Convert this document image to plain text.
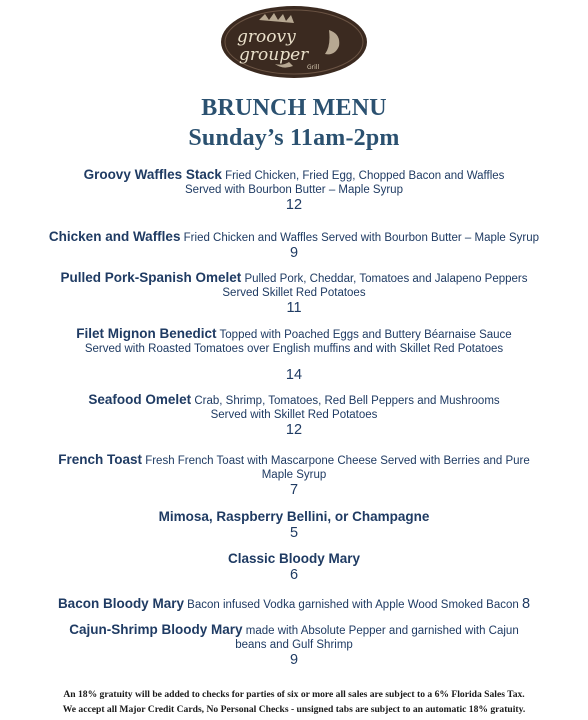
groovy
grouper
Grill
BRUNCH MENU
Sunday’s 11am-2pm
Groovy Waffles Stack Fried Chicken, Fried Egg, Chopped Bacon and Waffles
Served with Bourbon Butter – Maple Syrup
12
Chicken and Waffles Fried Chicken and Waffles Served with Bourbon Butter – Maple Syrup
9
Pulled Pork-Spanish Omelet Pulled Pork, Cheddar, Tomatoes and Jalapeno Peppers
Served Skillet Red Potatoes
11
Filet Mignon Benedict Topped with Poached Eggs and Buttery Béarnaise Sauce
Served with Roasted Tomatoes over English muffins and with Skillet Red Potatoes
14
Seafood Omelet Crab, Shrimp, Tomatoes, Red Bell Peppers and Mushrooms
Served with Skillet Red Potatoes
12
French Toast Fresh French Toast with Mascarpone Cheese Served with Berries and Pure
Maple Syrup
7
Mimosa, Raspberry Bellini, or Champagne
5
Classic Bloody Mary
6
Bacon Bloody Mary Bacon infused Vodka garnished with Apple Wood Smoked Bacon 8
Cajun-Shrimp Bloody Mary made with Absolute Pepper and garnished with Cajun
beans and Gulf Shrimp
9
An 18% gratuity will be added to checks for parties of six or more all sales are subject to a 6% Florida Sales Tax.
We accept all Major Credit Cards, No Personal Checks - unsigned tabs are subject to an automatic 18% gratuity.
